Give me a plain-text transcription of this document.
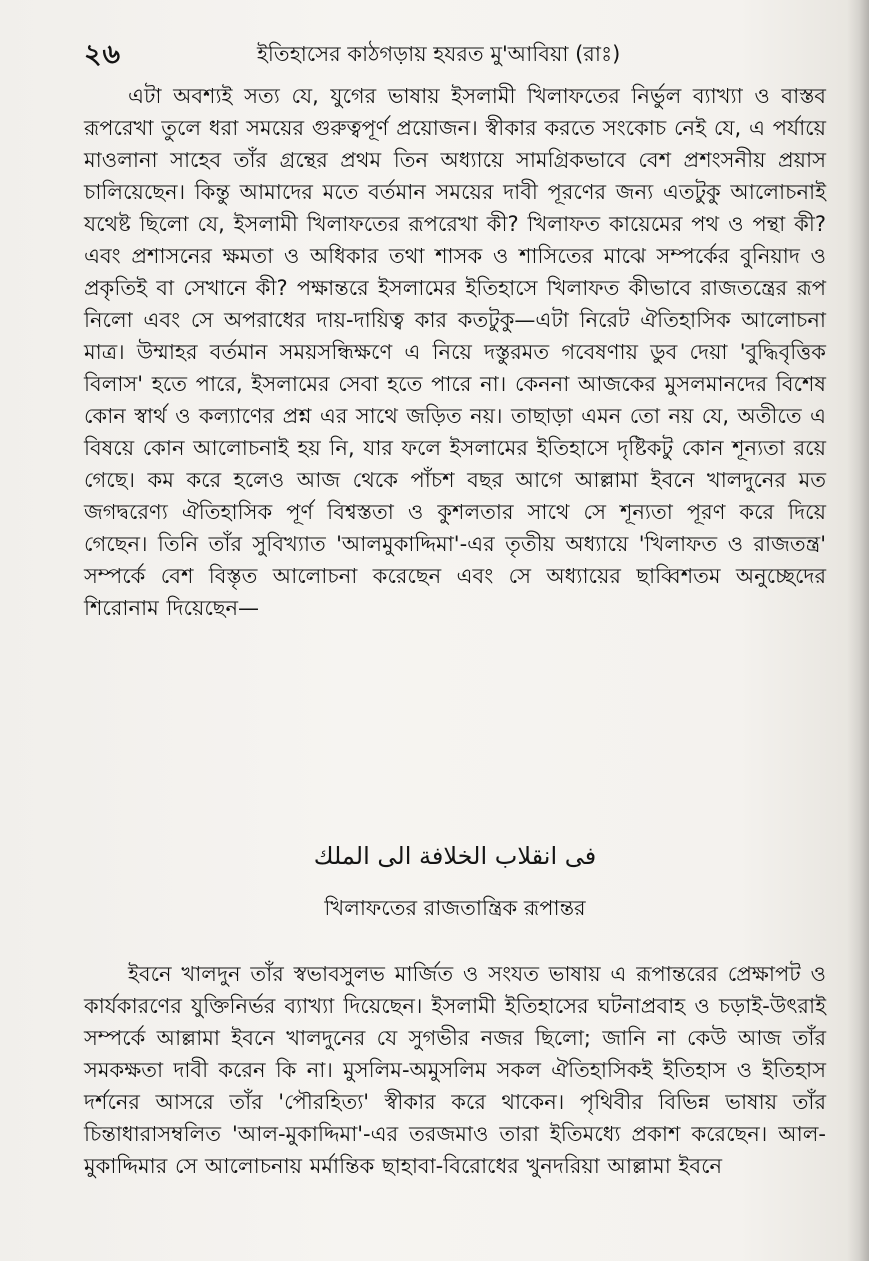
২৬	ইতিহাসের কাঠগড়ায় হযরত মু'আবিয়া (রাঃ)

এটা অবশ্যই সত্য যে, যুগের ভাষায় ইসলামী খিলাফতের নির্ভুল ব্যাখ্যা ও বাস্তব রূপরেখা তুলে ধরা সময়ের গুরুত্বপূর্ণ প্রয়োজন। স্বীকার করতে সংকোচ নেই যে, এ পর্যায়ে মাওলানা সাহেব তাঁর গ্রন্থের প্রথম তিন অধ্যায়ে সামগ্রিকভাবে বেশ প্রশংসনীয় প্রয়াস চালিয়েছেন। কিন্তু আমাদের মতে বর্তমান সময়ের দাবী পূরণের জন্য এতটুকু আলোচনাই যথেষ্ট ছিলো যে, ইসলামী খিলাফতের রূপরেখা কী? খিলাফত কায়েমের পথ ও পন্থা কী? এবং প্রশাসনের ক্ষমতা ও অধিকার তথা শাসক ও শাসিতের মাঝে সম্পর্কের বুনিয়াদ ও প্রকৃতিই বা সেখানে কী? পক্ষান্তরে ইসলামের ইতিহাসে খিলাফত কীভাবে রাজতন্ত্রের রূপ নিলো এবং সে অপরাধের দায়-দায়িত্ব কার কতটুকু—এটা নিরেট ঐতিহাসিক আলোচনা মাত্র। উম্মাহর বর্তমান সময়সন্ধিক্ষণে এ নিয়ে দস্তুরমত গবেষণায় ডুব দেয়া 'বুদ্ধিবৃত্তিক বিলাস' হতে পারে, ইসলামের সেবা হতে পারে না। কেননা আজকের মুসলমানদের বিশেষ কোন স্বার্থ ও কল্যাণের প্রশ্ন এর সাথে জড়িত নয়। তাছাড়া এমন তো নয় যে, অতীতে এ বিষয়ে কোন আলোচনাই হয় নি, যার ফলে ইসলামের ইতিহাসে দৃষ্টিকটু কোন শূন্যতা রয়ে গেছে। কম করে হলেও আজ থেকে পাঁচশ বছর আগে আল্লামা ইবনে খালদুনের মত জগদ্বরেণ্য ঐতিহাসিক পূর্ণ বিশ্বস্ততা ও কুশলতার সাথে সে শূন্যতা পূরণ করে দিয়ে গেছেন। তিনি তাঁর সুবিখ্যাত 'আলমুকাদ্দিমা'-এর তৃতীয় অধ্যায়ে 'খিলাফত ও রাজতন্ত্র' সম্পর্কে বেশ বিস্তৃত আলোচনা করেছেন এবং সে অধ্যায়ের ছাব্বিশতম অনুচ্ছেদের শিরোনাম দিয়েছেন—

فى انقلاب الخلافة الى الملك
খিলাফতের রাজতান্ত্রিক রূপান্তর

ইবনে খালদুন তাঁর স্বভাবসুলভ মার্জিত ও সংযত ভাষায় এ রূপান্তরের প্রেক্ষাপট ও কার্যকারণের যুক্তিনির্ভর ব্যাখ্যা দিয়েছেন। ইসলামী ইতিহাসের ঘটনাপ্রবাহ ও চড়াই-উৎরাই সম্পর্কে আল্লামা ইবনে খালদুনের যে সুগভীর নজর ছিলো; জানি না কেউ আজ তাঁর সমকক্ষতা দাবী করেন কি না। মুসলিম-অমুসলিম সকল ঐতিহাসিকই ইতিহাস ও ইতিহাস দর্শনের আসরে তাঁর 'পৌরহিত্য' স্বীকার করে থাকেন। পৃথিবীর বিভিন্ন ভাষায় তাঁর চিন্তাধারাসম্বলিত 'আল-মুকাদ্দিমা'-এর তরজমাও তারা ইতিমধ্যে প্রকাশ করেছেন। আল-মুকাদ্দিমার সে আলোচনায় মর্মান্তিক ছাহাবা-বিরোধের খুনদরিয়া আল্লামা ইবনে
